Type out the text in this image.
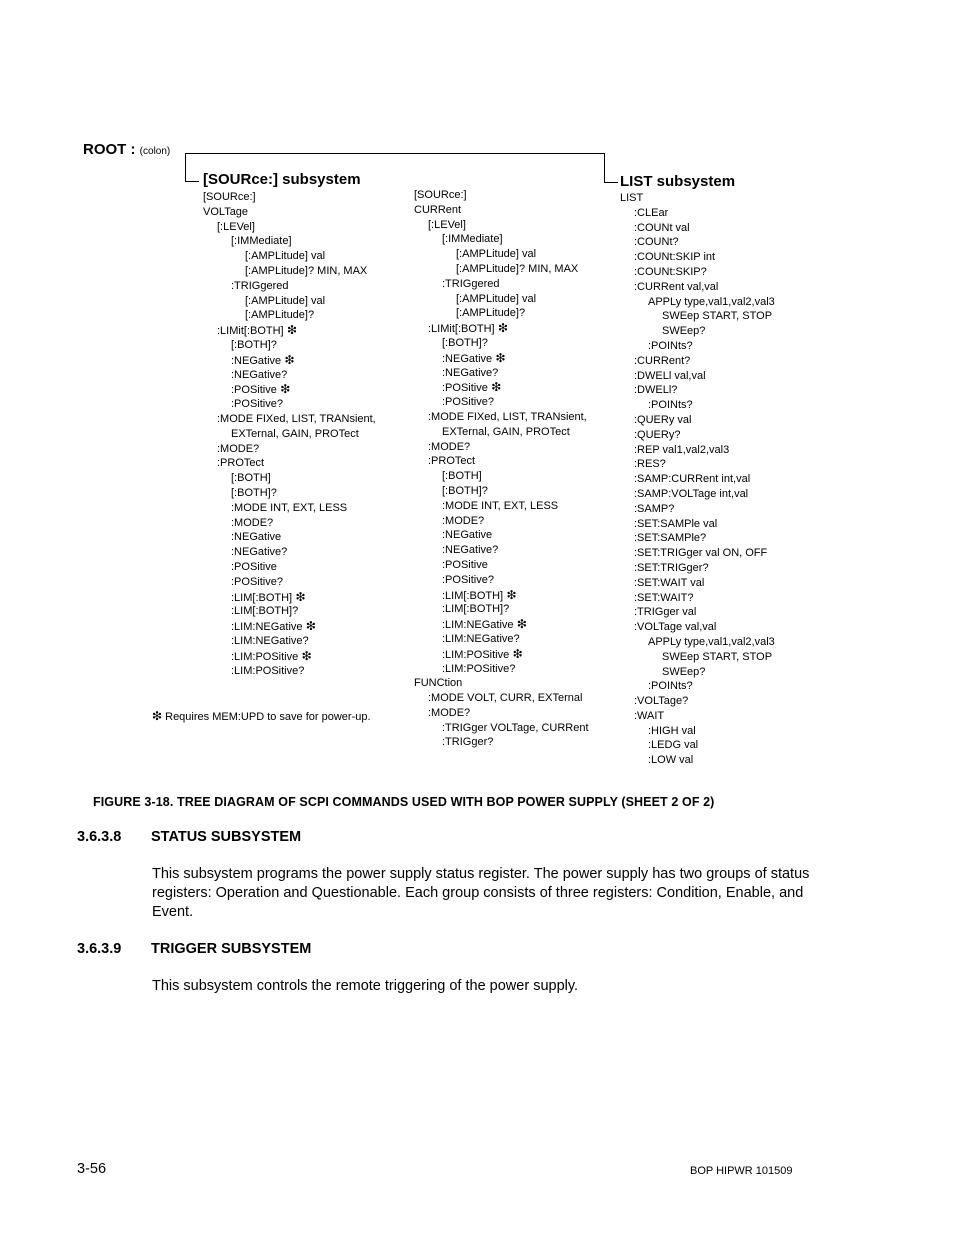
ROOT : (colon)
[SOURce:] subsystem	LIST subsystem
[SOURce:]
VOLTage
[:LEVel]
[:IMMediate]
[:AMPLitude] val
[:AMPLitude]? MIN, MAX
:TRIGgered
[:AMPLitude] val
[:AMPLitude]?
:LIMit[:BOTH] ❇
[:BOTH]?
:NEGative ❇
:NEGative?
:POSitive ❇
:POSitive?
:MODE FIXed, LIST, TRANsient,
EXTernal, GAIN, PROTect
:MODE?
:PROTect
[:BOTH]
[:BOTH]?
:MODE INT, EXT, LESS
:MODE?
:NEGative
:NEGative?
:POSitive
:POSitive?
:LIM[:BOTH] ❇
:LIM[:BOTH]?
:LIM:NEGative ❇
:LIM:NEGative?
:LIM:POSitive ❇
:LIM:POSitive?
[SOURce:]
CURRent
[:LEVel]
[:IMMediate]
[:AMPLitude] val
[:AMPLitude]? MIN, MAX
:TRIGgered
[:AMPLitude] val
[:AMPLitude]?
:LIMit[:BOTH] ❇
[:BOTH]?
:NEGative ❇
:NEGative?
:POSitive ❇
:POSitive?
:MODE FIXed, LIST, TRANsient,
EXTernal, GAIN, PROTect
:MODE?
:PROTect
[:BOTH]
[:BOTH]?
:MODE INT, EXT, LESS
:MODE?
:NEGative
:NEGative?
:POSitive
:POSitive?
:LIM[:BOTH] ❇
:LIM[:BOTH]?
:LIM:NEGative ❇
:LIM:NEGative?
:LIM:POSitive ❇
:LIM:POSitive?
FUNCtion
:MODE VOLT, CURR, EXTernal
:MODE?
:TRIGger VOLTage, CURRent
:TRIGger?
LIST
:CLEar
:COUNt val
:COUNt?
:COUNt:SKIP int
:COUNt:SKIP?
:CURRent val,val
APPLy type,val1,val2,val3
SWEep START, STOP
SWEep?
:POINts?
:CURRent?
:DWELl val,val
:DWELl?
:POINts?
:QUERy val
:QUERy?
:REP val1,val2,val3
:RES?
:SAMP:CURRent int,val
:SAMP:VOLTage int,val
:SAMP?
:SET:SAMPle val
:SET:SAMPle?
:SET:TRIGger val ON, OFF
:SET:TRIGger?
:SET:WAIT val
:SET:WAIT?
:TRIGger val
:VOLTage val,val
APPLy type,val1,val2,val3
SWEep START, STOP
SWEep?
:POINts?
:VOLTage?
:WAIT
:HIGH val
:LEDG val
:LOW val
❇ Requires MEM:UPD to save for power-up.
FIGURE 3-18. TREE DIAGRAM OF SCPI COMMANDS USED WITH BOP POWER SUPPLY (SHEET 2 OF 2)
3.6.3.8 STATUS SUBSYSTEM
This subsystem programs the power supply status register. The power supply has two groups of status registers: Operation and Questionable. Each group consists of three registers: Condition, Enable, and Event.
3.6.3.9 TRIGGER SUBSYSTEM
This subsystem controls the remote triggering of the power supply.
3-56	BOP HIPWR 101509
